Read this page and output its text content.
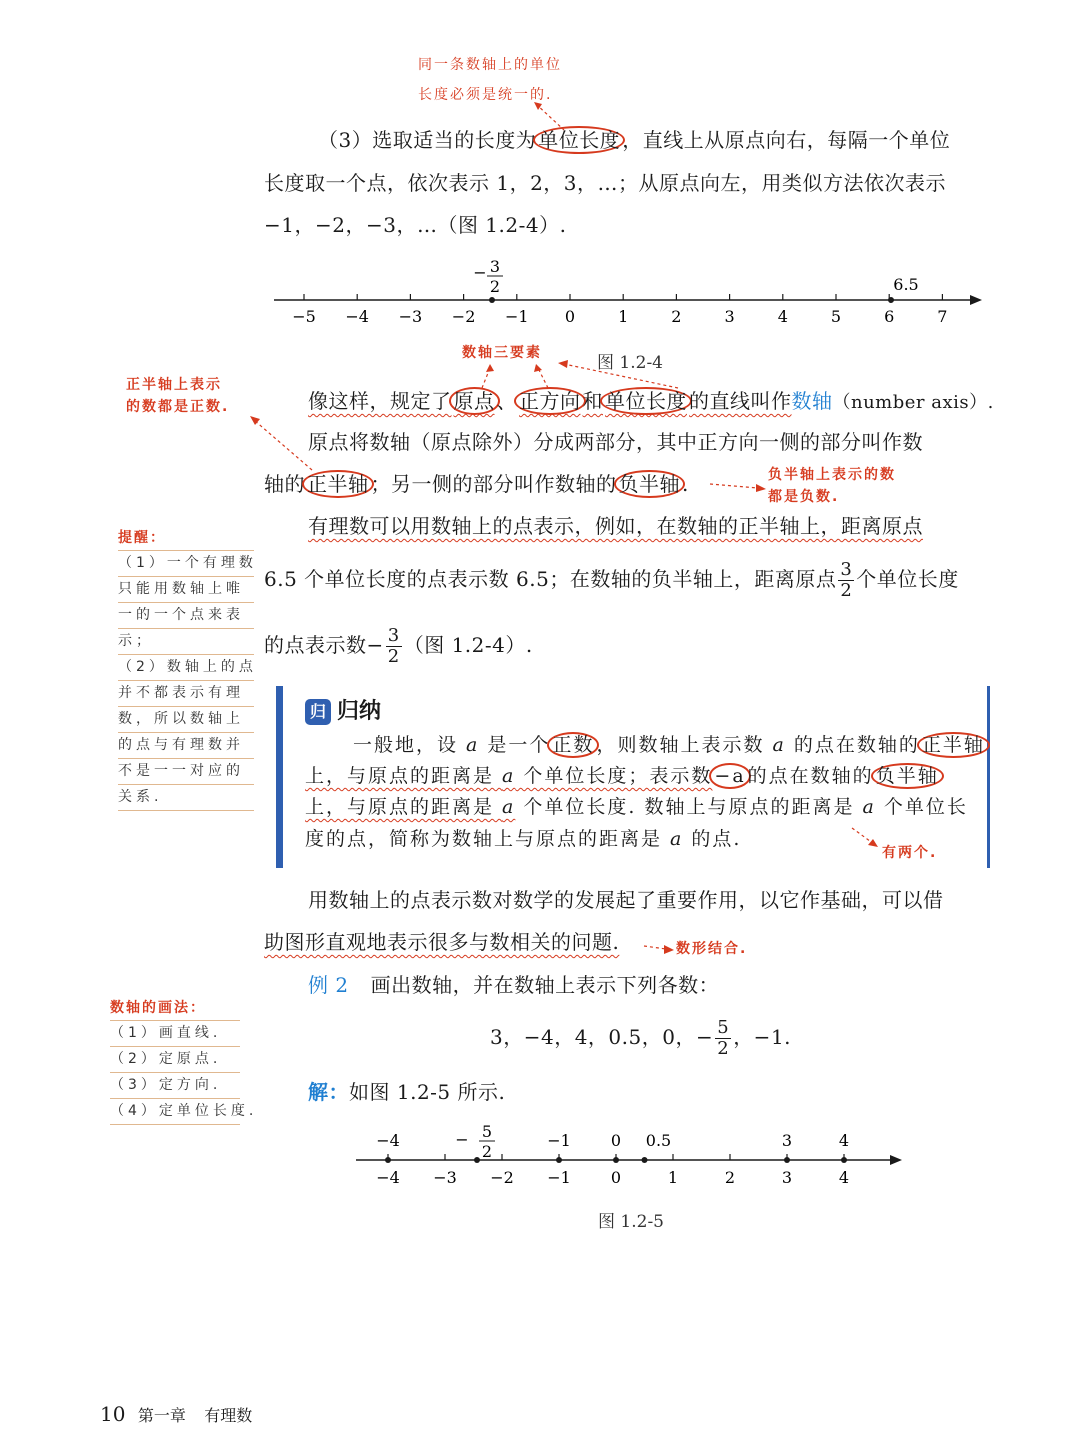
同一条数轴上的单位
长度必须是统一的.
（3）选取适当的长度为 单位长度 ，直线上从原点向右，每隔一个单位
长度取一个点，依次表示 1，2，3，…；从原点向左，用类似方法依次表示
−1，−2，−3，…（图 1.2-4）.
−5 −4 −3 −2 −1 0	1	2	3	4	5	6	7
6.5
− 3
2
数轴三要素	图 1.2-4
正半轴上表示
的数都是正数.	像这样，规定了 原点 、 正方向 和 单位长度 的直线叫作数轴（number axis）.
原点将数轴（原点除外）分成两部分，其中正方向一侧的部分叫作数
轴的 正半轴 ；另一侧的部分叫作数轴的 负半轴 .	负半轴上表示的数
都是负数.
有理数可以用数轴上的点表示，例如，在数轴的正半轴上，距离原点
6.5 个单位长度的点表示数 6.5；在数轴的负半轴上，距离原点 $\frac{3}{2}$ 个单位长度
的点表示数− $\frac{3}{2}$ （图 1.2-4）.
提醒：
（1）一个有理数
只能用数轴上唯
一的一个点来表
示；
（2）数轴上的点
并不都表示有理
数，所以数轴上
的点与有理数并
不是一一对应的
关系.
归 归纳
一般地，设 a 是一个 正数 ，则数轴上表示数 a 的点在数轴的 正半轴
上，与原点的距离是 a 个单位长度；表示数 −a 的点在数轴的 负半轴
上，与原点的距离是 a 个单位长度. 数轴上与原点的距离是 a 个单位长
度的点，简称为数轴上与原点的距离是 a 的点.
有两个.
用数轴上的点表示数对数学的发展起了重要作用，以它作基础，可以借
助图形直观地表示很多与数相关的问题.	数形结合.
例 2 画出数轴，并在数轴上表示下列各数：
3，−4，4，0.5，0，− $\frac{5}{2}$ ，−1.
数轴的画法：
（1）画直线.
（2）定原点.
（3）定方向.
（4）定单位长度.
解：如图 1.2-5 所示.
−4 −3 −2 −1	0	1	2	3	4
−4	−1	0 0.5	3	4
− 5
2
图 1.2-5
10 第一章 有理数
